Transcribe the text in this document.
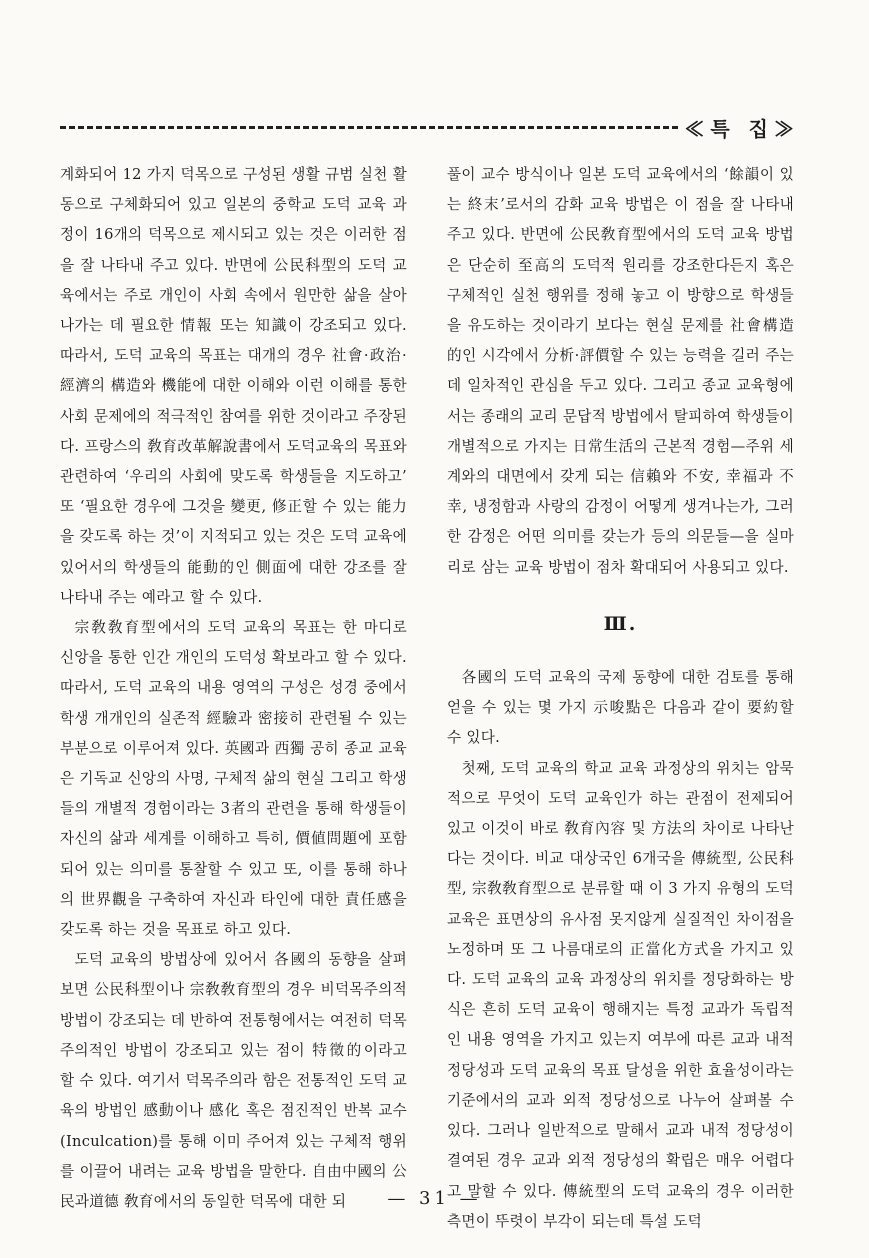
≪특 집≫

계화되어 12 가지 덕목으로 구성된 생활 규범 실천 활동으로 구체화되어 있고 일본의 중학교 도덕 교육 과정이 16개의 덕목으로 제시되고 있는 것은 이러한 점을 잘 나타내 주고 있다. 반면에 公民科型의 도덕 교육에서는 주로 개인이 사회 속에서 원만한 삶을 살아나가는 데 필요한 情報 또는 知識이 강조되고 있다. 따라서, 도덕 교육의 목표는 대개의 경우 社會·政治·經濟의 構造와 機能에 대한 이해와 이런 이해를 통한 사회 문제에의 적극적인 참여를 위한 것이라고 주장된다. 프랑스의 敎育改革解說書에서 도덕교육의 목표와 관련하여 ‘우리의 사회에 맞도록 학생들을 지도하고’ 또 ‘필요한 경우에 그것을 變更, 修正할 수 있는 能力을 갖도록 하는 것’이 지적되고 있는 것은 도덕 교육에 있어서의 학생들의 能動的인 側面에 대한 강조를 잘 나타내 주는 예라고 할 수 있다.

宗敎敎育型에서의 도덕 교육의 목표는 한 마디로 신앙을 통한 인간 개인의 도덕성 확보라고 할 수 있다. 따라서, 도덕 교육의 내용 영역의 구성은 성경 중에서 학생 개개인의 실존적 經驗과 密接히 관련될 수 있는 부분으로 이루어져 있다. 英國과 西獨 공히 종교 교육은 기독교 신앙의 사명, 구체적 삶의 현실 그리고 학생들의 개별적 경험이라는 3者의 관련을 통해 학생들이 자신의 삶과 세계를 이해하고 특히, 價値問題에 포함되어 있는 의미를 통찰할 수 있고 또, 이를 통해 하나의 世界觀을 구축하여 자신과 타인에 대한 責任感을 갖도록 하는 것을 목표로 하고 있다.

도덕 교육의 방법상에 있어서 各國의 동향을 살펴보면 公民科型이나 宗敎敎育型의 경우 비덕목주의적 방법이 강조되는 데 반하여 전통형에서는 여전히 덕목주의적인 방법이 강조되고 있는 점이 特徵的이라고 할 수 있다. 여기서 덕목주의라 함은 전통적인 도덕 교육의 방법인 感動이나 感化 혹은 점진적인 반복 교수(Inculcation)를 통해 이미 주어져 있는 구체적 행위를 이끌어 내려는 교육 방법을 말한다. 自由中國의 公民과道德 敎育에서의 동일한 덕목에 대한 되

풀이 교수 방식이나 일본 도덕 교육에서의 ‘餘韻이 있는 終末’로서의 감화 교육 방법은 이 점을 잘 나타내 주고 있다. 반면에 公民敎育型에서의 도덕 교육 방법은 단순히 至高의 도덕적 원리를 강조한다든지 혹은 구체적인 실천 행위를 정해 놓고 이 방향으로 학생들을 유도하는 것이라기 보다는 현실 문제를 社會構造的인 시각에서 分析·評價할 수 있는 능력을 길러 주는데 일차적인 관심을 두고 있다. 그리고 종교 교육형에서는 종래의 교리 문답적 방법에서 탈피하여 학생들이 개별적으로 가지는 日常生活의 근본적 경험—주위 세계와의 대면에서 갖게 되는 信賴와 不安, 幸福과 不幸, 냉정함과 사랑의 감정이 어떻게 생겨나는가, 그러한 감정은 어떤 의미를 갖는가 등의 의문들—을 실마리로 삼는 교육 방법이 점차 확대되어 사용되고 있다.

Ⅲ.

各國의 도덕 교육의 국제 동향에 대한 검토를 통해 얻을 수 있는 몇 가지 示唆點은 다음과 같이 要約할 수 있다.

첫째, 도덕 교육의 학교 교육 과정상의 위치는 암묵적으로 무엇이 도덕 교육인가 하는 관점이 전제되어 있고 이것이 바로 敎育內容 및 方法의 차이로 나타난다는 것이다. 비교 대상국인 6개국을 傳統型, 公民科型, 宗敎敎育型으로 분류할 때 이 3 가지 유형의 도덕 교육은 표면상의 유사점 못지않게 실질적인 차이점을 노정하며 또 그 나름대로의 正當化方式을 가지고 있다. 도덕 교육의 교육 과정상의 위치를 정당화하는 방식은 흔히 도덕 교육이 행해지는 특정 교과가 독립적인 내용 영역을 가지고 있는지 여부에 따른 교과 내적 정당성과 도덕 교육의 목표 달성을 위한 효율성이라는 기준에서의 교과 외적 정당성으로 나누어 살펴볼 수 있다. 그러나 일반적으로 말해서 교과 내적 정당성이 결여된 경우 교과 외적 정당성의 확립은 매우 어렵다고 말할 수 있다. 傳統型의 도덕 교육의 경우 이러한 측면이 뚜렷이 부각이 되는데 특설 도덕

— 31 —
